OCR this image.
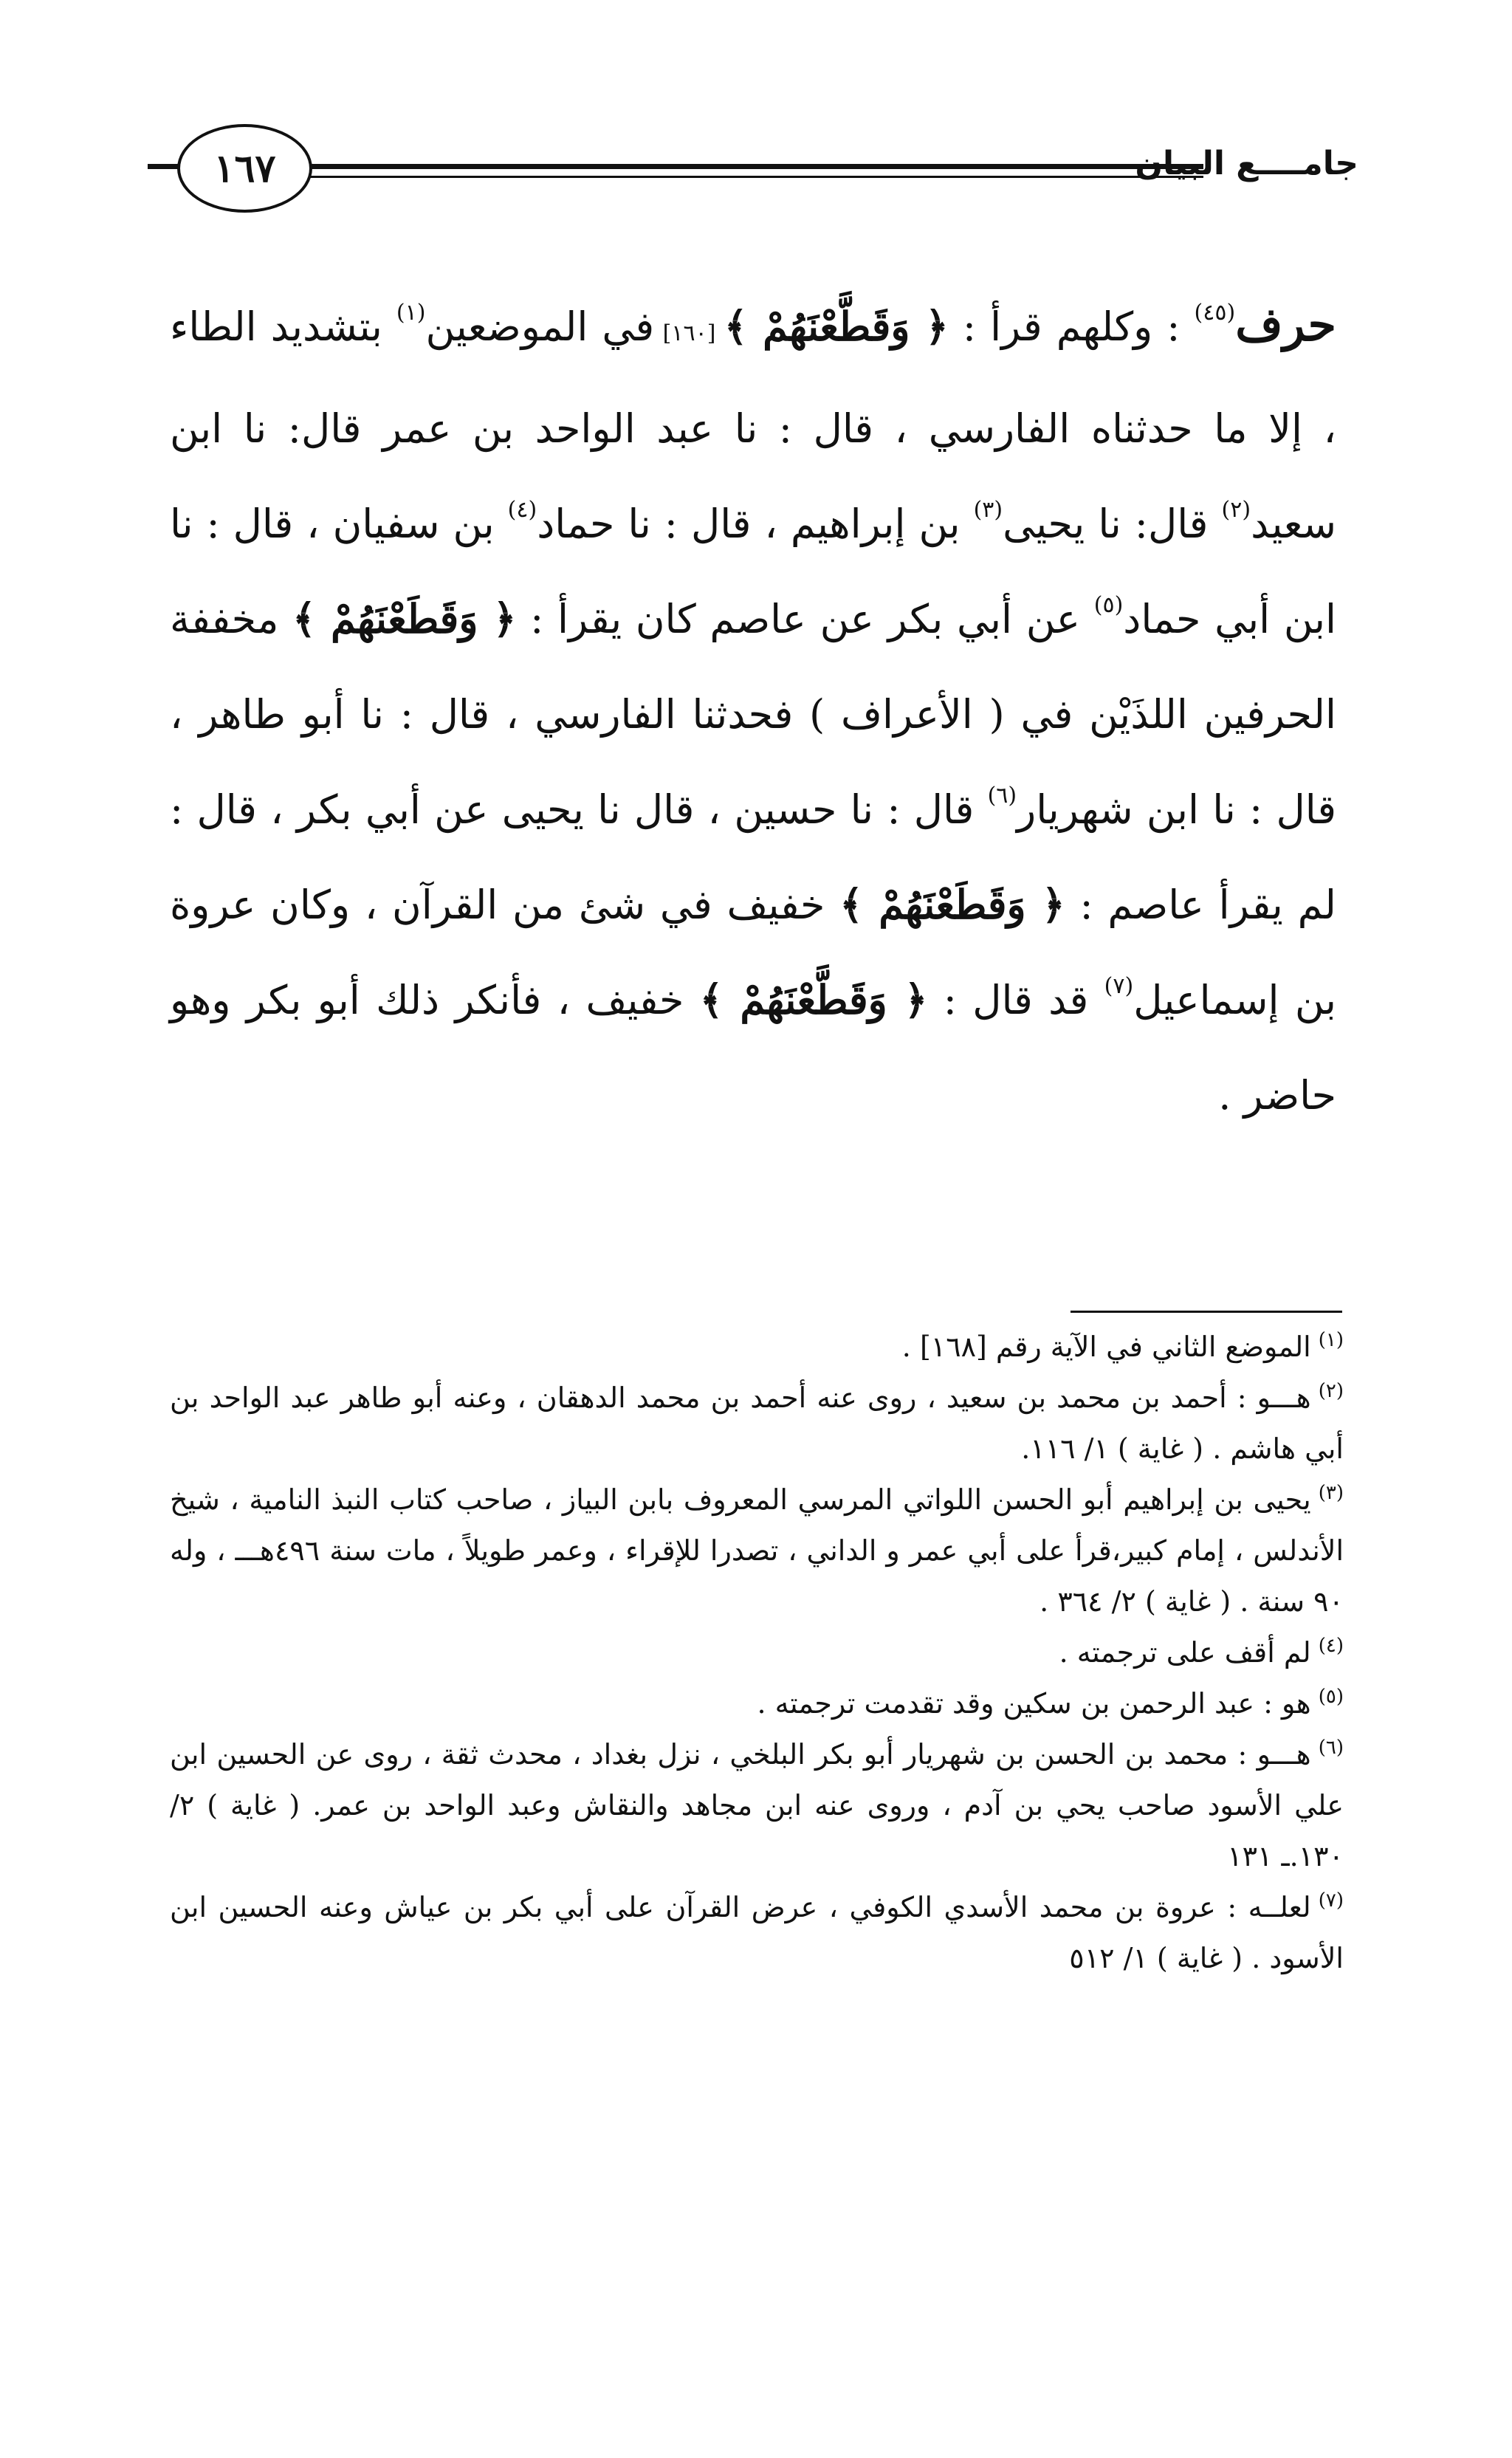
١٦٧	جامــــع البيان

حرف$^{(٤٥)}$ : وكلهم قرأ : ﴿ وَقَطَّعْنَهُمْ ﴾ [١٦٠] في الموضعين$^{(١)}$ بتشديد الطاء ، إلا ما حدثناه الفارسي ، قال : نا عبد الواحد بن عمر قال: نا ابن سعيد$^{(٢)}$ قال: نا يحيى$^{(٣)}$ بن إبراهيم ، قال : نا حماد$^{(٤)}$ بن سفيان ، قال : نا ابن أبي حماد$^{(٥)}$ عن أبي بكر عن عاصم كان يقرأ : ﴿ وَقَطَعْنَهُمْ ﴾ مخففة الحرفين اللذَيْن في ( الأعراف ) فحدثنا الفارسي ، قال : نا أبو طاهر ، قال : نا ابن شهريار$^{(٦)}$ قال : نا حسين ، قال نا يحيى عن أبي بكر ، قال : لم يقرأ عاصم : ﴿ وَقَطَعْنَهُمْ ﴾ خفيف في شئ من القرآن ، وكان عروة بن إسماعيل$^{(٧)}$ قد قال : ﴿ وَقَطَّعْنَهُمْ ﴾ خفيف ، فأنكر ذلك أبو بكر وهو حاضر .

$^{(١)}$الموضع الثاني في الآية رقم [١٦٨] .
$^{(٢)}$هـــو : أحمد بن محمد بن سعيد ، روى عنه أحمد بن محمد الدهقان ، وعنه أبو طاهر عبد الواحد بن أبي هاشم . ( غاية ) ١/ ١١٦.
$^{(٣)}$يحيى بن إبراهيم أبو الحسن اللواتي المرسي المعروف بابن البياز ، صاحب كتاب النبذ النامية ، شيخ الأندلس ، إمام كبير،قرأ على أبي عمر و الداني ، تصدرا للإقراء ، وعمر طويلاً ، مات سنة ٤٩٦هـــ ، وله ٩٠ سنة . ( غاية ) ٢/ ٣٦٤ .
$^{(٤)}$لم أقف على ترجمته .
$^{(٥)}$هو : عبد الرحمن بن سكين وقد تقدمت ترجمته .
$^{(٦)}$هـــو : محمد بن الحسن بن شهريار أبو بكر البلخي ، نزل بغداد ، محدث ثقة ، روى عن الحسين ابن علي الأسود صاحب يحي بن آدم ، وروى عنه ابن مجاهد والنقاش وعبد الواحد بن عمر. ( غاية ) ٢/ ١٣٠.ـ ١٣١
$^{(٧)}$لعلــه : عروة بن محمد الأسدي الكوفي ، عرض القرآن على أبي بكر بن عياش وعنه الحسين ابن الأسود . ( غاية ) ١/ ٥١٢
